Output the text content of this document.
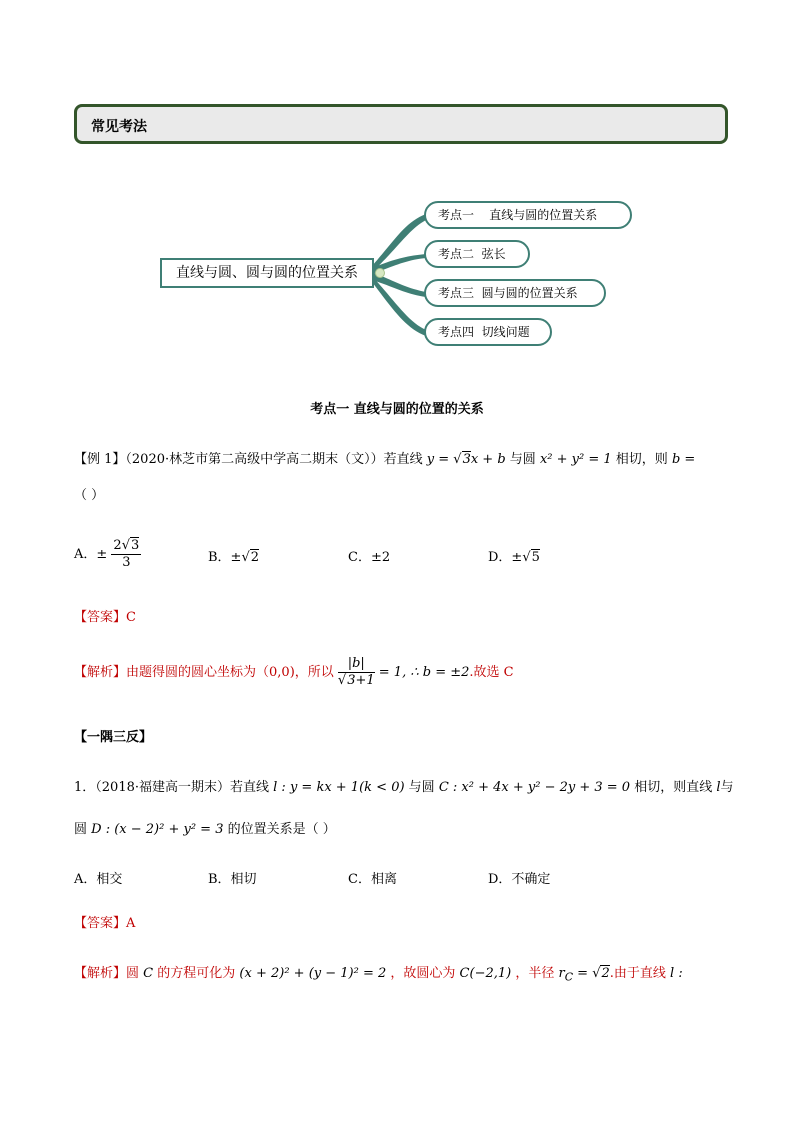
常见考法
直线与圆、圆与圆的位置关系
考点一    直线与圆的位置关系
考点二  弦长
考点三  圆与圆的位置关系
考点四  切线问题
考点一 直线与圆的位置的关系
【例 1】（2020·林芝市第二高级中学高二期末（文））若直线 y = √3x + b 与圆 x² + y² = 1 相切，则 b =
（ ）
A．± $\frac{2√3}{3}$	B．±√2	C．±2	D．±√5
【答案】C
【解析】由题得圆的圆心坐标为（0,0)，所以 $\frac{|b|}{√3+1} = 1$, ∴ b = ±2.故选 C
【一隅三反】
1．（2018·福建高一期末）若直线 l : y = kx + 1(k < 0) 与圆 C : x² + 4x + y² − 2y + 3 = 0 相切，则直线 l与
圆 D : (x − 2)² + y² = 3 的位置关系是（ ）
A．相交	B．相切	C．相离	D．不确定
【答案】A
【解析】圆 C 的方程可化为 (x + 2)² + (y − 1)² = 2 ，故圆心为 C(−2,1) ，半径 $r_C = √2$.由于直线 l :
